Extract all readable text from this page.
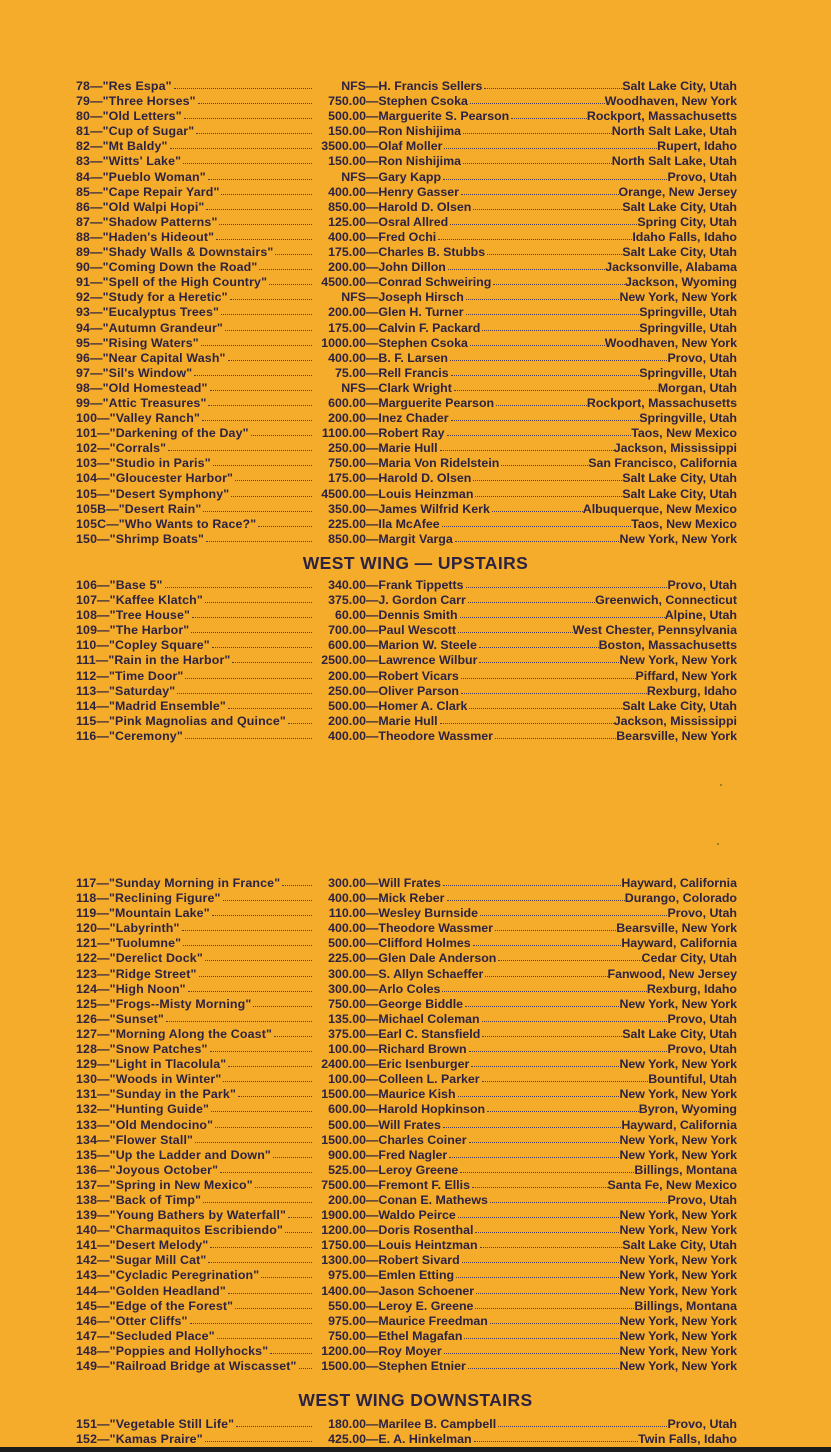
78 — "Res Espa"	NFS — H. Francis Sellers	Salt Lake City, Utah
79 — "Three Horses"	750.00 — Stephen Csoka	Woodhaven, New York
80 — "Old Letters"	500.00 — Marguerite S. Pearson	Rockport, Massachusetts
81 — "Cup of Sugar"	150.00 — Ron Nishijima	North Salt Lake, Utah
82 — "Mt Baldy"	3500.00 — Olaf Moller	Rupert, Idaho
83 — "Witts' Lake"	150.00 — Ron Nishijima	North Salt Lake, Utah
84 — "Pueblo Woman"	NFS — Gary Kapp	Provo, Utah
85 — "Cape Repair Yard"	400.00 — Henry Gasser	Orange, New Jersey
86 — "Old Walpi Hopi"	850.00 — Harold D. Olsen	Salt Lake City, Utah
87 — "Shadow Patterns"	125.00 — Osral Allred	Spring City, Utah
88 — "Haden's Hideout"	400.00 — Fred Ochi	Idaho Falls, Idaho
89 — "Shady Walls & Downstairs"	175.00 — Charles B. Stubbs	Salt Lake City, Utah
90 — "Coming Down the Road"	200.00 — John Dillon	Jacksonville, Alabama
91 — "Spell of the High Country"	4500.00 — Conrad Schweiring	Jackson, Wyoming
92 — "Study for a Heretic"	NFS — Joseph Hirsch	New York, New York
93 — "Eucalyptus Trees"	200.00 — Glen H. Turner	Springville, Utah
94 — "Autumn Grandeur"	175.00 — Calvin F. Packard	Springville, Utah
95 — "Rising Waters"	1000.00 — Stephen Csoka	Woodhaven, New York
96 — "Near Capital Wash"	400.00 — B. F. Larsen	Provo, Utah
97 — "Sil's Window"	75.00 — Rell Francis	Springville, Utah
98 — "Old Homestead"	NFS — Clark Wright	Morgan, Utah
99 — "Attic Treasures"	600.00 — Marguerite Pearson	Rockport, Massachusetts
100 — "Valley Ranch"	200.00 — Inez Chader	Springville, Utah
101 — "Darkening of the Day"	1100.00 — Robert Ray	Taos, New Mexico
102 — "Corrals"	250.00 — Marie Hull	Jackson, Mississippi
103 — "Studio in Paris"	750.00 — Maria Von Ridelstein	San Francisco, California
104 — "Gloucester Harbor"	175.00 — Harold D. Olsen	Salt Lake City, Utah
105 — "Desert Symphony"	4500.00 — Louis Heinzman	Salt Lake City, Utah
105B — "Desert Rain"	350.00 — James Wilfrid Kerk	Albuquerque, New Mexico
105C — "Who Wants to Race?"	225.00 — Ila McAfee	Taos, New Mexico
150 — "Shrimp Boats"	850.00 — Margit Varga	New York, New York
WEST WING — UPSTAIRS
106 — "Base 5"	340.00 — Frank Tippetts	Provo, Utah
107 — "Kaffee Klatch"	375.00 — J. Gordon Carr	Greenwich, Connecticut
108 — "Tree House"	60.00 — Dennis Smith	Alpine, Utah
109 — "The Harbor"	700.00 — Paul Wescott	West Chester, Pennsylvania
110 — "Copley Square"	600.00 — Marion W. Steele	Boston, Massachusetts
111 — "Rain in the Harbor"	2500.00 — Lawrence Wilbur	New York, New York
112 — "Time Door"	200.00 — Robert Vicars	Piffard, New York
113 — "Saturday"	250.00 — Oliver Parson	Rexburg, Idaho
114 — "Madrid Ensemble"	500.00 — Homer A. Clark	Salt Lake City, Utah
115 — "Pink Magnolias and Quince"	200.00 — Marie Hull	Jackson, Mississippi
116 — "Ceremony"	400.00 — Theodore Wassmer	Bearsville, New York
117 — "Sunday Morning in France"	300.00 — Will Frates	Hayward, California
118 — "Reclining Figure"	400.00 — Mick Reber	Durango, Colorado
119 — "Mountain Lake"	110.00 — Wesley Burnside	Provo, Utah
120 — "Labyrinth"	400.00 — Theodore Wassmer	Bearsville, New York
121 — "Tuolumne"	500.00 — Clifford Holmes	Hayward, California
122 — "Derelict Dock"	225.00 — Glen Dale Anderson	Cedar City, Utah
123 — "Ridge Street"	300.00 — S. Allyn Schaeffer	Fanwood, New Jersey
124 — "High Noon"	300.00 — Arlo Coles	Rexburg, Idaho
125 — "Frogs--Misty Morning"	750.00 — George Biddle	New York, New York
126 — "Sunset"	135.00 — Michael Coleman	Provo, Utah
127 — "Morning Along the Coast"	375.00 — Earl C. Stansfield	Salt Lake City, Utah
128 — "Snow Patches"	100.00 — Richard Brown	Provo, Utah
129 — "Light in Tlacolula"	2400.00 — Eric Isenburger	New York, New York
130 — "Woods in Winter"	100.00 — Colleen L. Parker	Bountiful, Utah
131 — "Sunday in the Park"	1500.00 — Maurice Kish	New York, New York
132 — "Hunting Guide"	600.00 — Harold Hopkinson	Byron, Wyoming
133 — "Old Mendocino"	500.00 — Will Frates	Hayward, California
134 — "Flower Stall"	1500.00 — Charles Coiner	New York, New York
135 — "Up the Ladder and Down"	900.00 — Fred Nagler	New York, New York
136 — "Joyous October"	525.00 — Leroy Greene	Billings, Montana
137 — "Spring in New Mexico"	7500.00 — Fremont F. Ellis	Santa Fe, New Mexico
138 — "Back of Timp"	200.00 — Conan E. Mathews	Provo, Utah
139 — "Young Bathers by Waterfall"	1900.00 — Waldo Peirce	New York, New York
140 — "Charmaquitos Escribiendo"	1200.00 — Doris Rosenthal	New York, New York
141 — "Desert Melody"	1750.00 — Louis Heintzman	Salt Lake City, Utah
142 — "Sugar Mill Cat"	1300.00 — Robert Sivard	New York, New York
143 — "Cycladic Peregrination"	975.00 — Emlen Etting	New York, New York
144 — "Golden Headland"	1400.00 — Jason Schoener	New York, New York
145 — "Edge of the Forest"	550.00 — Leroy E. Greene	Billings, Montana
146 — "Otter Cliffs"	975.00 — Maurice Freedman	New York, New York
147 — "Secluded Place"	750.00 — Ethel Magafan	New York, New York
148 — "Poppies and Hollyhocks"	1200.00 — Roy Moyer	New York, New York
149 — "Railroad Bridge at Wiscasset"	1500.00 — Stephen Etnier	New York, New York
WEST WING DOWNSTAIRS
151 — "Vegetable Still Life"	180.00 — Marilee B. Campbell	Provo, Utah
152 — "Kamas Praire"	425.00 — E. A. Hinkelman	Twin Falls, Idaho
